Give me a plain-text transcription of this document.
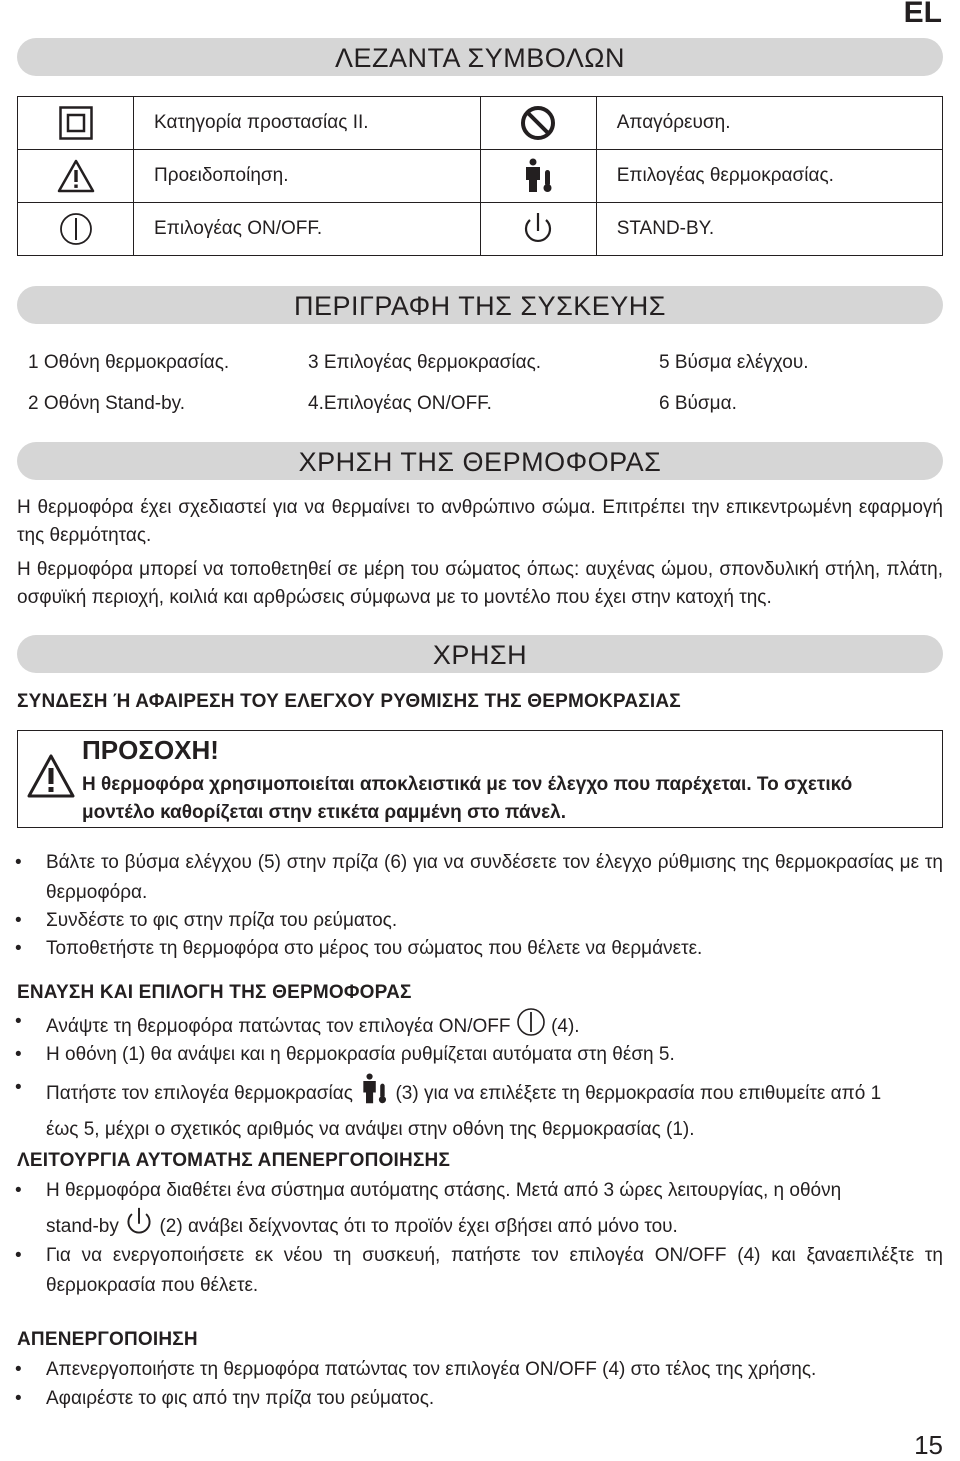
EL
ΛΕΖΑΝΤΑ ΣΥΜΒΟΛΩΝ
	Κατηγορία προστασίας II.		Απαγόρευση.

	Προειδοποίηση.		Επιλογέας θερμοκρασίας.

	Επιλογέας ON/OFF.		STAND-BY.
ΠΕΡΙΓΡΑΦΗ ΤΗΣ ΣΥΣΚΕΥΗΣ
1 Οθόνη θερμοκρασίας.	3 Επιλογέας θερμοκρασίας.	5 Βύσμα ελέγχου.
2 Οθόνη Stand-by.	4.Επιλογέας ON/OFF.	6 Βύσμα.
ΧΡΗΣΗ ΤΗΣ ΘΕΡΜΟΦΟΡΑΣ
Η θερμοφόρα έχει σχεδιαστεί για να θερμαίνει το ανθρώπινο σώμα. Επιτρέπει την επικεντρωμένη εφαρμογή της θερμότητας.
Η θερμοφόρα μπορεί να τοποθετηθεί σε μέρη του σώματος όπως: αυχένας ώμου, σπονδυλική στήλη, πλάτη, οσφυϊκή περιοχή, κοιλιά και αρθρώσεις σύμφωνα με το μοντέλο που έχει στην κατοχή της.
ΧΡΗΣΗ
ΣΥΝΔΕΣΗ Ή ΑΦΑΙΡΕΣΗ ΤΟΥ ΕΛΕΓΧΟΥ ΡΥΘΜΙΣΗΣ ΤΗΣ ΘΕΡΜΟΚΡΑΣΙΑΣ
ΠΡΟΣΟΧΗ!
Η θερμοφόρα χρησιμοποιείται αποκλειστικά με τον έλεγχο που παρέχεται. Το σχετικό
μοντέλο καθορίζεται στην ετικέτα ραμμένη στο πάνελ.
• Βάλτε το βύσμα ελέγχου (5) στην πρίζα (6) για να συνδέσετε τον έλεγχο ρύθμισης της θερμοκρασίας με τη θερμοφόρα.
• Συνδέστε το φις στην πρίζα του ρεύματος.
• Τοποθετήστε τη θερμοφόρα στο μέρος του σώματος που θέλετε να θερμάνετε.
ΕΝΑΥΣΗ ΚΑΙ ΕΠΙΛΟΓΗ ΤΗΣ ΘΕΡΜΟΦΟΡΑΣ
• Ανάψτε τη θερμοφόρα πατώντας τον επιλογέα ON/OFF (4).
• Η οθόνη (1) θα ανάψει και η θερμοκρασία ρυθμίζεται αυτόματα στη θέση 5.
• Πατήστε τον επιλογέα θερμοκρασίας (3) για να επιλέξετε τη θερμοκρασία που επιθυμείτε από 1
έως 5, μέχρι ο σχετικός αριθμός να ανάψει στην οθόνη της θερμοκρασίας (1).
ΛΕΙΤΟΥΡΓΙΑ ΑΥΤΟΜΑΤΗΣ ΑΠΕΝΕΡΓΟΠΟΙΗΣΗΣ
• Η θερμοφόρα διαθέτει ένα σύστημα αυτόματης στάσης. Μετά από 3 ώρες λειτουργίας, η οθόνη
stand-by (2) ανάβει δείχνοντας ότι το προϊόν έχει σβήσει από μόνο του.
• Για να ενεργοποιήσετε εκ νέου τη συσκευή, πατήστε τον επιλογέα ON/OFF (4) και ξαναεπιλέξτε τη θερμοκρασία που θέλετε.
ΑΠΕΝΕΡΓΟΠΟΙΗΣΗ
• Απενεργοποιήστε τη θερμοφόρα πατώντας τον επιλογέα ON/OFF (4) στο τέλος της χρήσης.
• Αφαιρέστε το φις από την πρίζα του ρεύματος.
15
